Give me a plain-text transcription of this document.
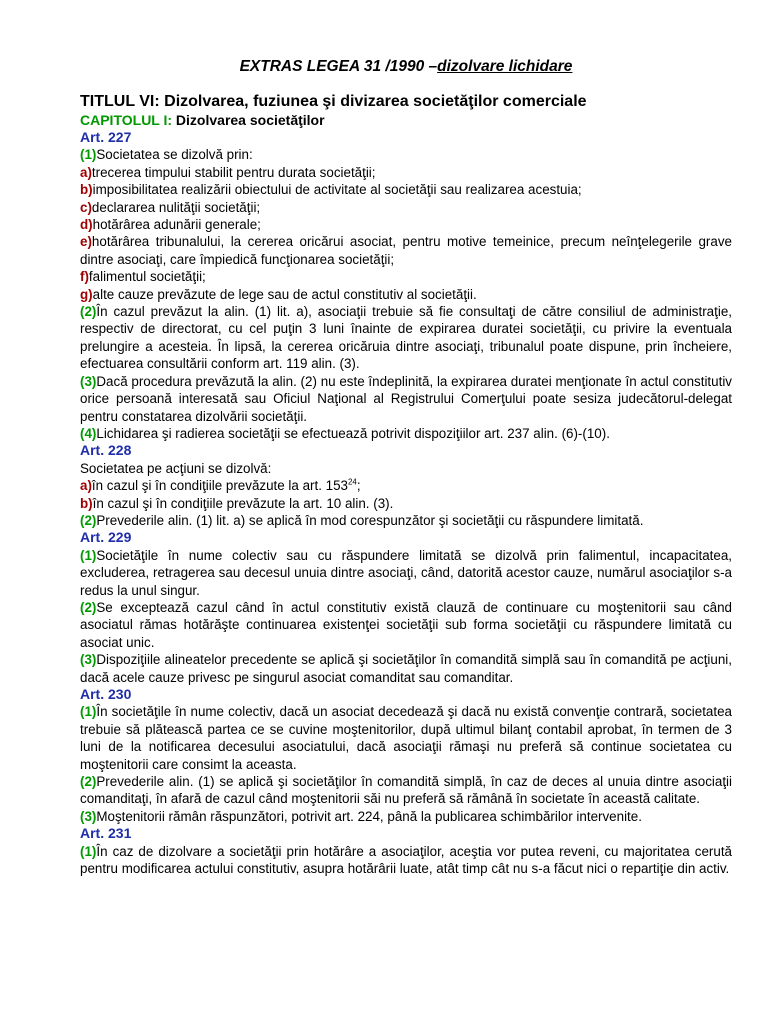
EXTRAS LEGEA 31 /1990 –dizolvare lichidare
TITLUL VI: Dizolvarea, fuziunea şi divizarea societăţilor comerciale
CAPITOLUL I: Dizolvarea societăţilor
Art. 227

(1)Societatea se dizolvă prin:

a)trecerea timpului stabilit pentru durata societăţii;

b)imposibilitatea realizării obiectului de activitate al societăţii sau realizarea acestuia;

c)declararea nulităţii societăţii;

d)hotărârea adunării generale;

e)hotărârea tribunalului, la cererea oricărui asociat, pentru motive temeinice, precum neînţelegerile grave dintre asociaţi, care împiedică funcţionarea societăţii;

f)falimentul societăţii;

g)alte cauze prevăzute de lege sau de actul constitutiv al societăţii.

(2)În cazul prevăzut la alin. (1) lit. a), asociaţii trebuie să fie consultaţi de către consiliul de administraţie, respectiv de directorat, cu cel puţin 3 luni înainte de expirarea duratei societăţii, cu privire la eventuala prelungire a acesteia. În lipsă, la cererea oricăruia dintre asociaţi, tribunalul poate dispune, prin încheiere, efectuarea consultării conform art. 119 alin. (3).

(3)Dacă procedura prevăzută la alin. (2) nu este îndeplinită, la expirarea duratei menţionate în actul constitutiv orice persoană interesată sau Oficiul Naţional al Registrului Comerţului poate sesiza judecătorul-delegat pentru constatarea dizolvării societăţii.

(4)Lichidarea şi radierea societăţii se efectuează potrivit dispoziţiilor art. 237 alin. (6)-(10).

Art. 228

Societatea pe acţiuni se dizolvă:

a)în cazul şi în condiţiile prevăzute la art. $153^{24}$;

b)în cazul şi în condiţiile prevăzute la art. 10 alin. (3).

(2)Prevederile alin. (1) lit. a) se aplică în mod corespunzător şi societăţii cu răspundere limitată.

Art. 229

(1)Societăţile în nume colectiv sau cu răspundere limitată se dizolvă prin falimentul, incapacitatea, excluderea, retragerea sau decesul unuia dintre asociaţi, când, datorită acestor cauze, numărul asociaţilor s-a redus la unul singur.

(2)Se exceptează cazul când în actul constitutiv există clauză de continuare cu moştenitorii sau când asociatul rămas hotărăşte continuarea existenţei societăţii sub forma societăţii cu răspundere limitată cu asociat unic.

(3)Dispoziţiile alineatelor precedente se aplică şi societăţilor în comandită simplă sau în comandită pe acţiuni, dacă acele cauze privesc pe singurul asociat comanditat sau comanditar.

Art. 230

(1)În societăţile în nume colectiv, dacă un asociat decedează şi dacă nu există convenţie contrară, societatea trebuie să plătească partea ce se cuvine moştenitorilor, după ultimul bilanţ contabil aprobat, în termen de 3 luni de la notificarea decesului asociatului, dacă asociaţii rămaşi nu preferă să continue societatea cu moştenitorii care consimt la aceasta.

(2)Prevederile alin. (1) se aplică şi societăţilor în comandită simplă, în caz de deces al unuia dintre asociaţii comanditaţi, în afară de cazul când moştenitorii săi nu preferă să rămână în societate în această calitate.

(3)Moştenitorii rămân răspunzători, potrivit art. 224, până la publicarea schimbărilor intervenite.

Art. 231

(1)În caz de dizolvare a societăţii prin hotărâre a asociaţilor, aceştia vor putea reveni, cu majoritatea cerută pentru modificarea actului constitutiv, asupra hotărârii luate, atât timp cât nu s-a făcut nici o repartiţie din activ.
